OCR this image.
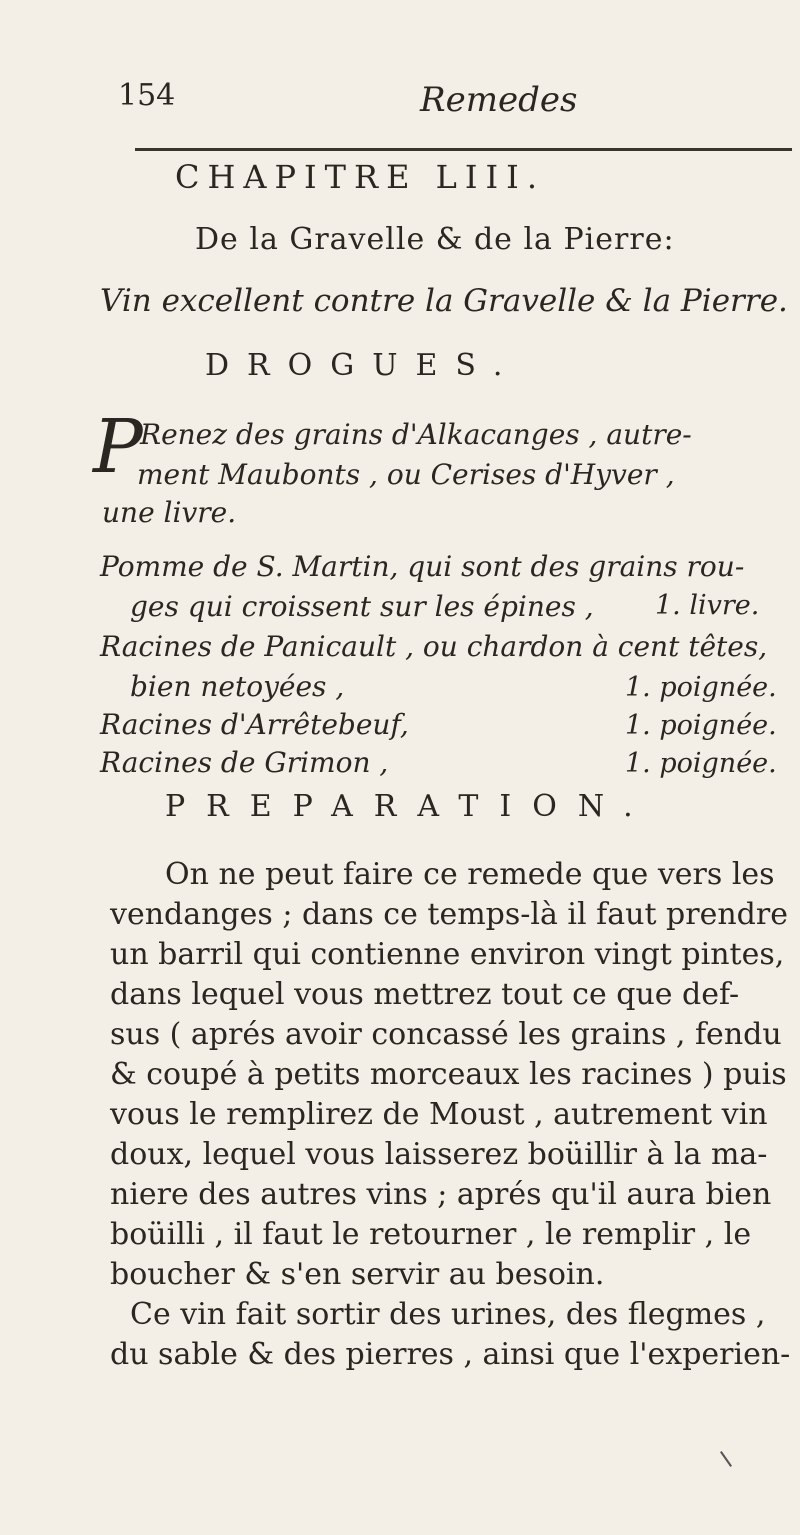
154	Remedes
CHAPITRE LIII.
De la Gravelle & de la Pierre:
Vin excellent contre la Gravelle & la Pierre.
DROGUES.
P
Renez des grains d'Alkacanges , autre-
ment Maubonts , ou Cerises d'Hyver ,
une livre.
Pomme de S. Martin, qui sont des grains rou-
ges qui croissent sur les épines , 1. livre.
Racines de Panicault , ou chardon à cent têtes,
bien netoyées ,	1. poignée.
Racines d'Arrêtebeuf,	1. poignée.
Racines de Grimon ,	1. poignée.
PREPARATION.
On ne peut faire ce remede que vers les
vendanges ; dans ce temps-là il faut prendre
un barril qui contienne environ vingt pintes,
dans lequel vous mettrez tout ce que def-
sus ( aprés avoir concassé les grains , fendu
& coupé à petits morceaux les racines ) puis
vous le remplirez de Moust , autrement vin
doux, lequel vous laisserez boüillir à la ma-
niere des autres vins ; aprés qu'il aura bien
boüilli , il faut le retourner , le remplir , le
boucher & s'en servir au besoin.
Ce vin fait sortir des urines, des flegmes ,
du sable & des pierres , ainsi que l'experien-
